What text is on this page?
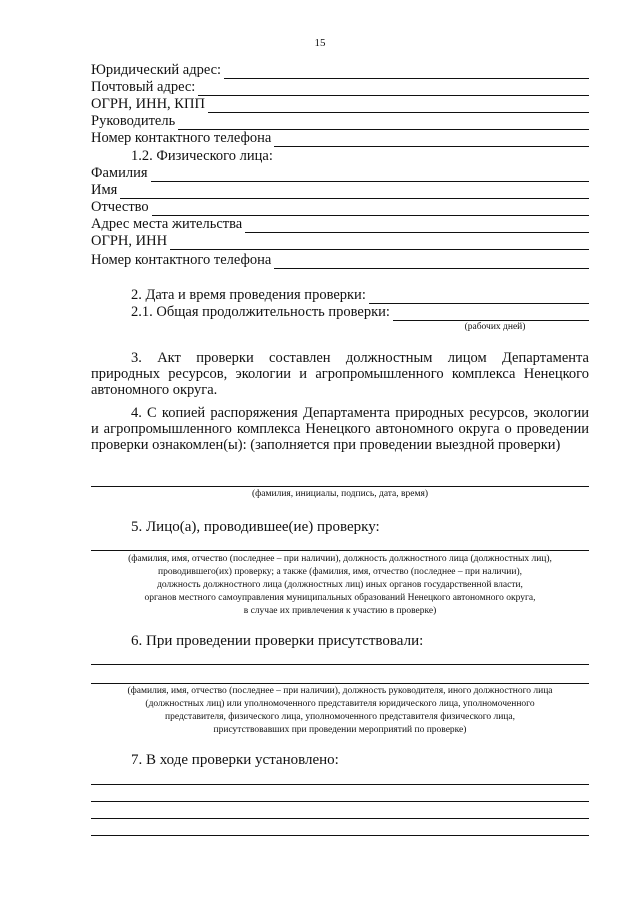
15
Юридический адрес:
Почтовый адрес:
ОГРН, ИНН, КПП
Руководитель
Номер контактного телефона
1.2. Физического лица:
Фамилия
Имя
Отчество
Адрес места жительства
ОГРН, ИНН
Номер контактного телефона
2. Дата и время проведения проверки:
2.1. Общая продолжительность проверки:
(рабочих дней)
3. Акт проверки составлен должностным лицом Департамента природных ресурсов, экологии и агропромышленного комплекса Ненецкого автономного округа.
4. С копией распоряжения Департамента природных ресурсов, экологии и агропромышленного комплекса Ненецкого автономного округа о проведении проверки ознакомлен(ы): (заполняется при проведении выездной проверки)
(фамилия, инициалы, подпись, дата, время)
5. Лицо(а), проводившее(ие) проверку:
(фамилия, имя, отчество (последнее – при наличии), должность должностного лица (должностных лиц),
проводившего(их) проверку; а также (фамилия, имя, отчество (последнее – при наличии),
должность должностного лица (должностных лиц) иных органов государственной власти,
органов местного самоуправления муниципальных образований Ненецкого автономного округа,
в случае их привлечения к участию в проверке)
6. При проведении проверки присутствовали:
(фамилия, имя, отчество (последнее – при наличии), должность руководителя, иного должностного лица
(должностных лиц) или уполномоченного представителя юридического лица, уполномоченного
представителя, физического лица, уполномоченного представителя физического лица,
присутствовавших при проведении мероприятий по проверке)
7. В ходе проверки установлено:
